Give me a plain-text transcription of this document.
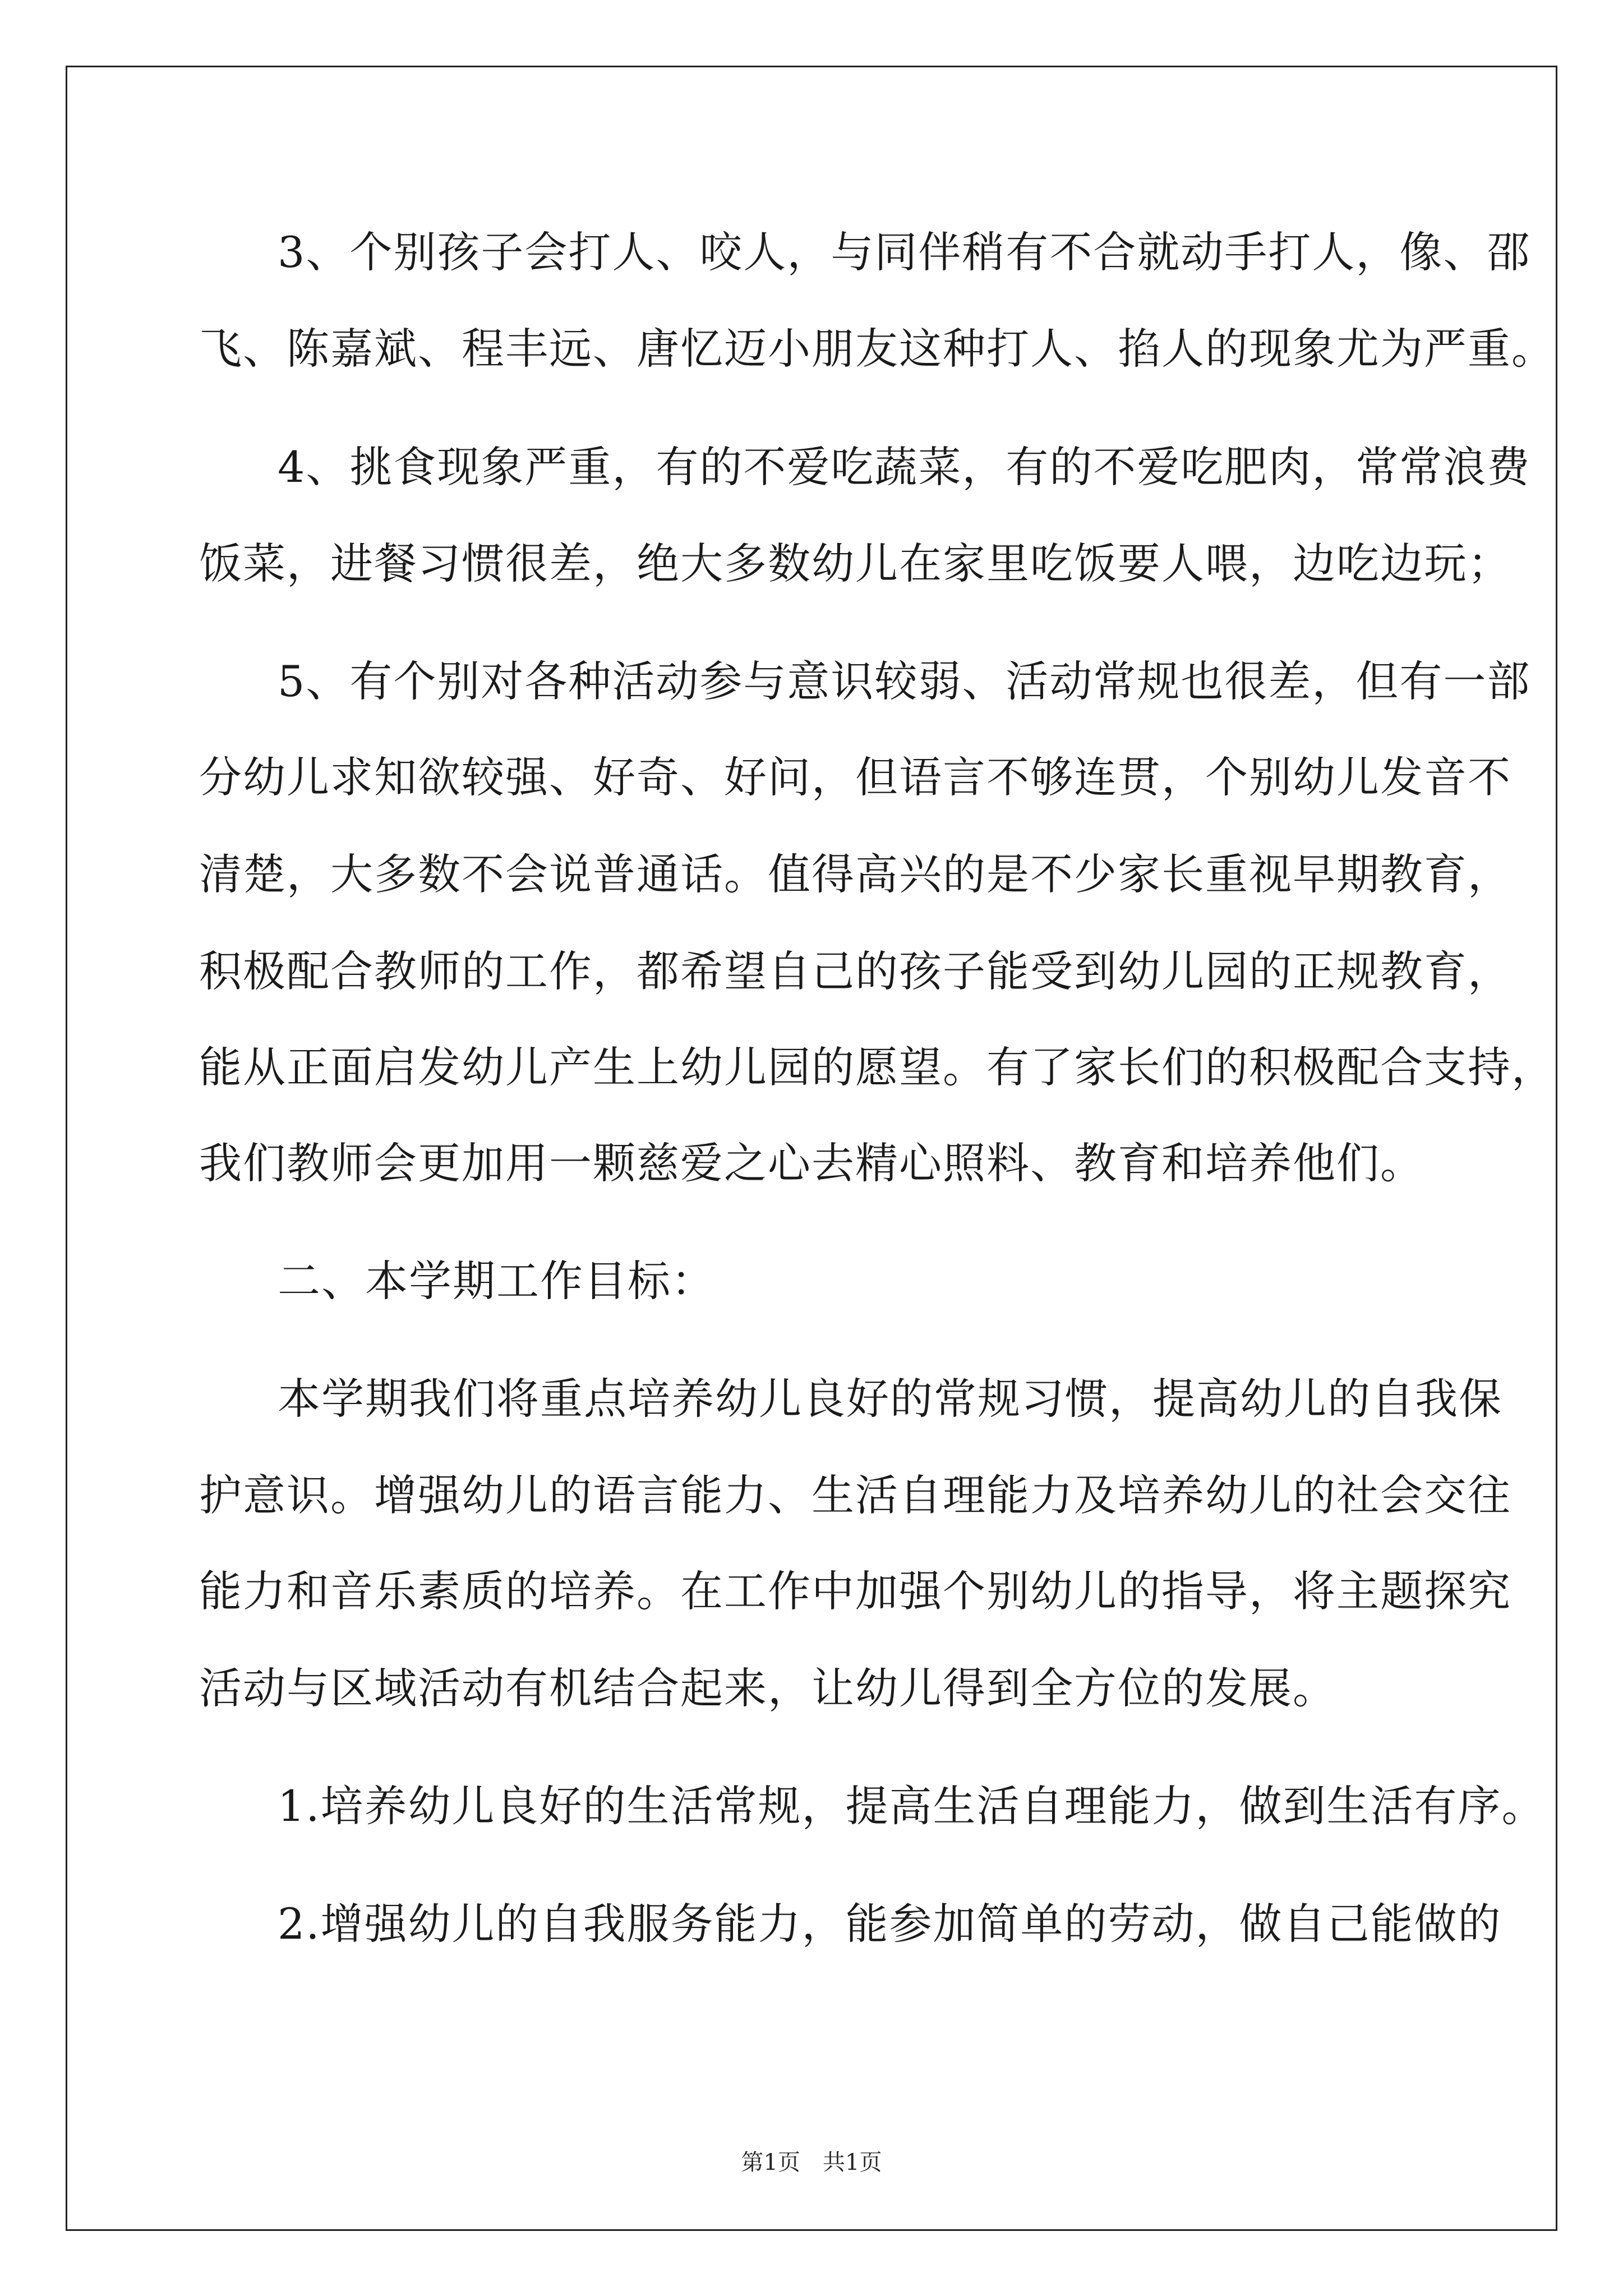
3、个别孩子会打人、咬人，与同伴稍有不合就动手打人，像、邵
飞、陈嘉斌、程丰远、唐忆迈小朋友这种打人、掐人的现象尤为严重。
4、挑食现象严重，有的不爱吃蔬菜，有的不爱吃肥肉，常常浪费
饭菜，进餐习惯很差，绝大多数幼儿在家里吃饭要人喂，边吃边玩；
5、有个别对各种活动参与意识较弱、活动常规也很差，但有一部
分幼儿求知欲较强、好奇、好问，但语言不够连贯，个别幼儿发音不
清楚，大多数不会说普通话。值得高兴的是不少家长重视早期教育，
积极配合教师的工作，都希望自己的孩子能受到幼儿园的正规教育，
能从正面启发幼儿产生上幼儿园的愿望。有了家长们的积极配合支持，
我们教师会更加用一颗慈爱之心去精心照料、教育和培养他们。
二、本学期工作目标：
本学期我们将重点培养幼儿良好的常规习惯，提高幼儿的自我保
护意识。增强幼儿的语言能力、生活自理能力及培养幼儿的社会交往
能力和音乐素质的培养。在工作中加强个别幼儿的指导，将主题探究
活动与区域活动有机结合起来，让幼儿得到全方位的发展。
1.培养幼儿良好的生活常规，提高生活自理能力，做到生活有序。
2.增强幼儿的自我服务能力，能参加简单的劳动，做自己能做的
第1页　共1页
